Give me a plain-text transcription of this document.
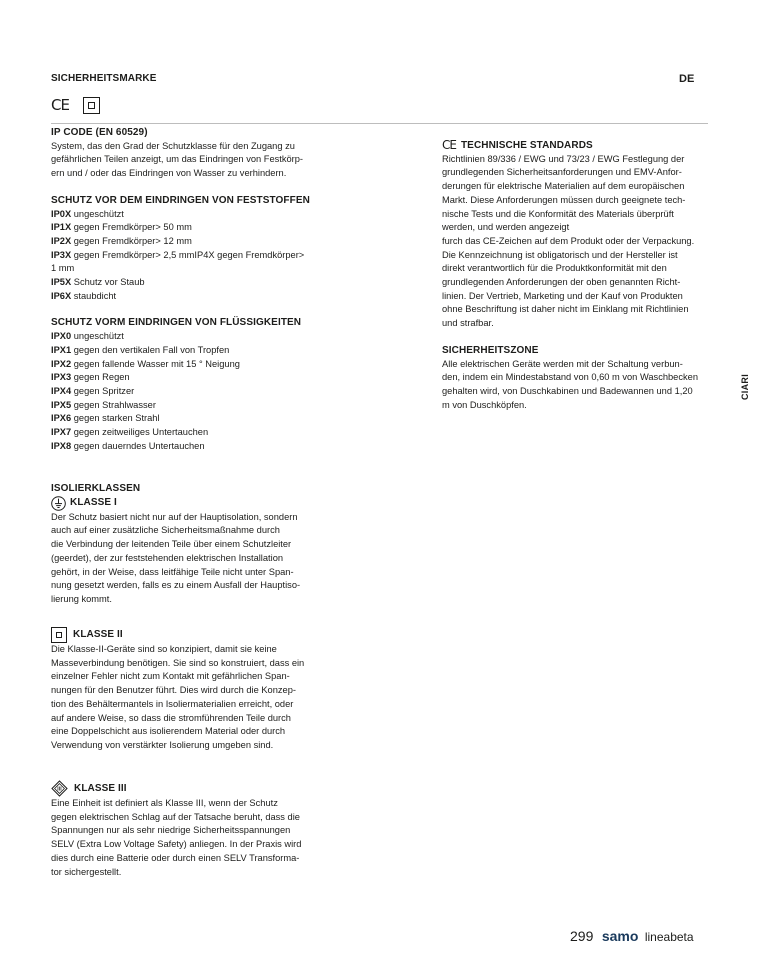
SICHERHEITSMARKE	DE
CE
IP CODE (EN 60529)
System, das den Grad der Schutzklasse für den Zugang zu
gefährlichen Teilen anzeigt, um das Eindringen von Festkörp-
ern und / oder das Eindringen von Wasser zu verhindern.
SCHUTZ VOR DEM EINDRINGEN VON FESTSTOFFEN
IP0X ungeschützt
IP1X gegen Fremdkörper> 50 mm
IP2X gegen Fremdkörper> 12 mm
IP3X gegen Fremdkörper> 2,5 mmIP4X gegen Fremdkörper>
1 mm
IP5X Schutz vor Staub
IP6X staubdicht
SCHUTZ VORM EINDRINGEN VON FLÜSSIGKEITEN
IPX0 ungeschützt
IPX1 gegen den vertikalen Fall von Tropfen
IPX2 gegen fallende Wasser mit 15 ° Neigung
IPX3 gegen Regen
IPX4 gegen Spritzer
IPX5 gegen Strahlwasser
IPX6 gegen starken Strahl
IPX7 gegen zeitweiliges Untertauchen
IPX8 gegen dauerndes Untertauchen
ISOLIERKLASSEN
KLASSE I
Der Schutz basiert nicht nur auf der Hauptisolation, sondern
auch auf einer zusätzliche Sicherheitsmaßnahme durch
die Verbindung der leitenden Teile über einem Schutzleiter
(geerdet), der zur feststehenden elektrischen Installation
gehört, in der Weise, dass leitfähige Teile nicht unter Span-
nung gesetzt werden, falls es zu einem Ausfall der Hauptiso-
lierung kommt.
KLASSE II
Die Klasse-II-Geräte sind so konzipiert, damit sie keine
Masseverbindung benötigen. Sie sind so konstruiert, dass ein
einzelner Fehler nicht zum Kontakt mit gefährlichen Span-
nungen für den Benutzer führt. Dies wird durch die Konzep-
tion des Behältermantels in Isoliermaterialien erreicht, oder
auf andere Weise, so dass die stromführenden Teile durch
eine Doppelschicht aus isolierendem Material oder durch
Verwendung von verstärkter Isolierung umgeben sind.
III KLASSE III
Eine Einheit ist definiert als Klasse III, wenn der Schutz
gegen elektrischen Schlag auf der Tatsache beruht, dass die
Spannungen nur als sehr niedrige Sicherheitsspannungen
SELV (Extra Low Voltage Safety) anliegen. In der Praxis wird
dies durch eine Batterie oder durch einen SELV Transforma-
tor sichergestellt.
CE TECHNISCHE STANDARDS
Richtlinien 89/336 / EWG und 73/23 / EWG Festlegung der
grundlegenden Sicherheitsanforderungen und EMV-Anfor-
derungen für elektrische Materialien auf dem europäischen
Markt. Diese Anforderungen müssen durch geeignete tech-
nische Tests und die Konformität des Materials überprüft
werden, und werden angezeigt
furch das CE-Zeichen auf dem Produkt oder der Verpackung.
Die Kennzeichnung ist obligatorisch und der Hersteller ist
direkt verantwortlich für die Produktkonformität mit den
grundlegenden Anforderungen der oben genannten Richt-
linien. Der Vertrieb, Marketing und der Kauf von Produkten
ohne Beschriftung ist daher nicht im Einklang mit Richtlinien
und strafbar.
SICHERHEITSZONE
Alle elektrischen Geräte werden mit der Schaltung verbun-
den, indem ein Mindestabstand von 0,60 m von Waschbecken
gehalten wird, von Duschkabinen und Badewannen und 1,20
m von Duschköpfen.
CIARI
299 samo lineabeta
